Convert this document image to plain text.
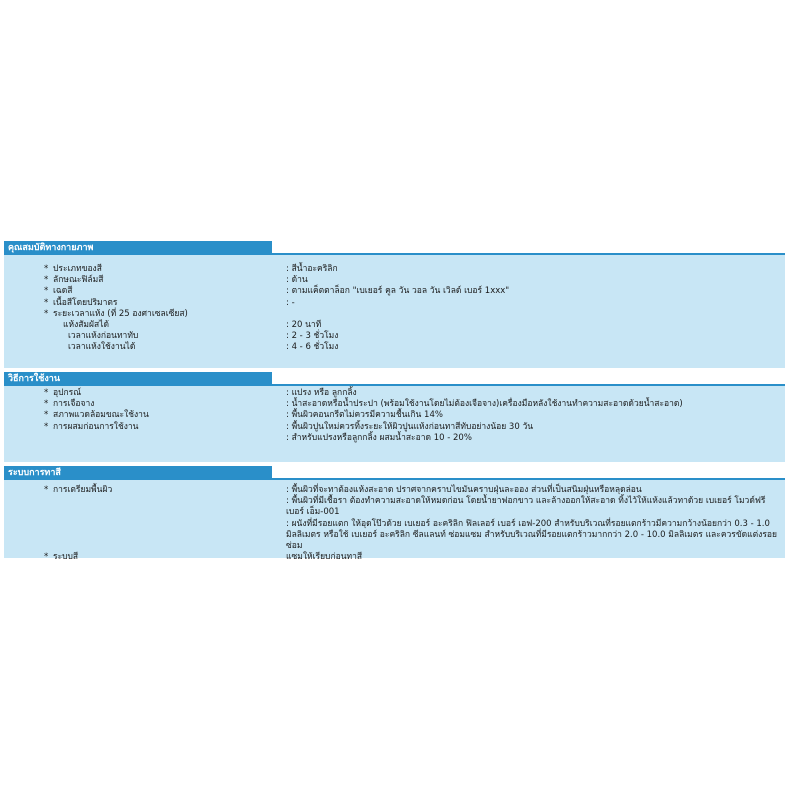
คุณสมบัติทางกายภาพ
* ประเภทของสี	: สีน้ำอะคริลิก
* ลักษณะฟิล์มสี	: ด้าน
* เฉดสี	: ตามแค็ตตาล็อก "เบเยอร์ คูล วัน วอล วัน เวิลด์ เบอร์ 1xxx"
* เนื้อสีโดยปริมาตร	: -
* ระยะเวลาแห้ง (ที่ 25 องศาเซลเซียส)
แห้งสัมผัสได้	: 20 นาที
เวลาแห้งก่อนทาทับ	: 2 - 3 ชั่วโมง
เวลาแห้งใช้งานได้	: 4 - 6 ชั่วโมง
วิธีการใช้งาน
* อุปกรณ์	: แปรง หรือ ลูกกลิ้ง
* การเจือจาง	: น้ำสะอาดหรือน้ำประปา (พร้อมใช้งานโดยไม่ต้องเจือจาง)เครื่องมือหลังใช้งานทำความสะอาดด้วยน้ำสะอาด)
* สภาพแวดล้อมขณะใช้งาน	: พื้นผิวคอนกรีตไม่ควรมีความชื้นเกิน 14%
* การผสมก่อนการใช้งาน	: พื้นผิวปูนใหม่ควรทิ้งระยะให้ผิวปูนแห้งก่อนทาสีทับอย่างน้อย 30 วัน
: สำหรับแปรงหรือลูกกลิ้ง ผสมน้ำสะอาด 10 - 20%
ระบบการทาสี
* การเตรียมพื้นผิว	: พื้นผิวที่จะทาต้องแห้งสะอาด ปราศจากคราบไขมันคราบฝุ่นละออง ส่วนที่เป็นสนิมฝุ่นหรือหลุดล่อน
: พื้นผิวที่มีเชื้อรา ต้องทำความสะอาดให้หมดก่อน โดยน้ำยาฟอกขาว และล้างออกให้สะอาด ทิ้งไว้ให้แห้งแล้วทาด้วย เบเยอร์ โมวด์ฟรี เบอร์ เอ็ม-001
: ผนังที่มีรอยแตก ให้อุดโป๊วด้วย เบเยอร์ อะคริลิก ฟิลเลอร์ เบอร์ เอฟ-200 สำหรับบริเวณที่รอยแตกร้าวมีความกว้างน้อยกว่า 0.3 - 1.0 มิลลิเมตร หรือใช้ เบเยอร์ อะคริลิก ซีลแลนท์ ซ่อมแซม สำหรับบริเวณที่มีรอยแตกร้าวมากกว่า 2.0 - 10.0 มิลลิเมตร และควรขัดแต่งรอยซ่อม
* ระบบสี	แซมให้เรียบก่อนทาสี
